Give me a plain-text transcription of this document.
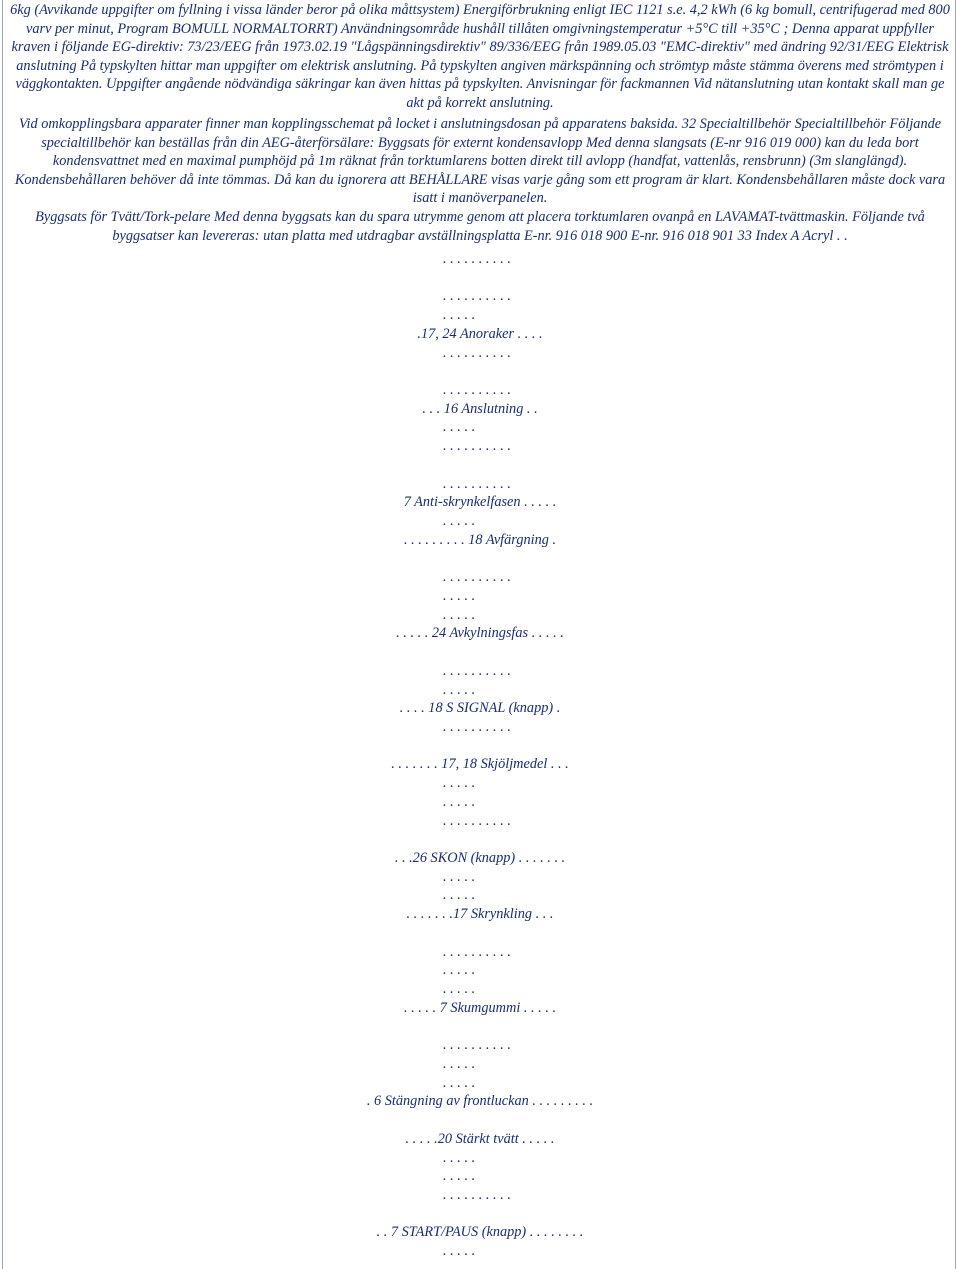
6kg (Avvikande uppgifter om fyllning i vissa länder beror på olika måttsystem) Energiförbrukning enligt IEC 1121 s.e. 4,2 kWh (6 kg bomull, centrifugerad med 800 varv per minut, Program BOMULL NORMALTORRT) Användningsområde hushåll tillåten omgivningstemperatur +5°C till +35°C ; Denna apparat uppfyller kraven i följande EG-direktiv: 73/23/EEG från 1973.02.19 "Lågspänningsdirektiv" 89/336/EEG från 1989.05.03 "EMC-direktiv" med ändring 92/31/EEG Elektrisk anslutning På typskylten hittar man uppgifter om elektrisk anslutning. På typskylten angiven märkspänning och strömtyp måste stämma överens med strömtypen i väggkontakten. Uppgifter angående nödvändiga säkringar kan även hittas på typskylten. Anvisningar för fackmannen Vid nätanslutning utan kontakt skall man ge akt på korrekt anslutning.

Vid omkopplingsbara apparater finner man kopplingsschemat på locket i anslutningsdosan på apparatens baksida. 32 Specialtillbehör Specialtillbehör Följande specialtillbehör kan beställas från din AEG-återförsälare: Byggsats för externt kondensavlopp Med denna slangsats (E-nr 916 019 000) kan du leda bort kondensvattnet med en maximal pumphöjd på 1m räknat från torktumlarens botten direkt till avlopp (handfat, vattenlås, rensbrunn) (3m slanglängd). Kondensbehållaren behöver då inte tömmas. Då kan du ignorera att BEHÅLLARE visas varje gång som ett program är klart. Kondensbehållaren måste dock vara isatt i manöverpanelen.

Byggsats för Tvätt/Tork-pelare Med denna byggsats kan du spara utrymme genom att placera torktumlaren ovanpå en LAVAMAT-tvättmaskin. Följande två byggsatser kan levereras: utan platta med utdragbar avställningsplatta E-nr. 916 018 900 E-nr. 916 018 901 33 Index A Acryl . .

. . . . . . . . . .
. . . . . . . . . .
. . . . .
.17, 24 Anoraker . . . .
. . . . . . . . . .
. . . . . . . . . .
. . . 16 Anslutning . .
. . . . .
. . . . . . . . . .
. . . . . . . . . .
7 Anti-skrynkelfasen . . . . .
. . . . .
. . . . . . . . . 18 Avfärgning .
. . . . . . . . . .
. . . . .
. . . . .
. . . . . 24 Avkylningsfas . . . . .
. . . . . . . . . .
. . . . .
. . . . 18 S SIGNAL (knapp) .
. . . . . . . . . .
. . . . . . . 17, 18 Skjöljmedel . . .
. . . . .
. . . . .
. . . . . . . . . .
. . .26 SKON (knapp) . . . . . . .
. . . . .
. . . . .
. . . . . . .17 Skrynkling . . .
. . . . . . . . . .
. . . . .
. . . . .
. . . . . 7 Skumgummi . . . . .
. . . . . . . . . .
. . . . .
. . . . .
. 6 Stängning av frontluckan . . . . . . . . .
. . . . .20 Stärkt tvätt . . . . .
. . . . .
. . . . .
. . . . . . . . . .
. . 7 START/PAUS (knapp) . . . . . . . .
. . . . .
